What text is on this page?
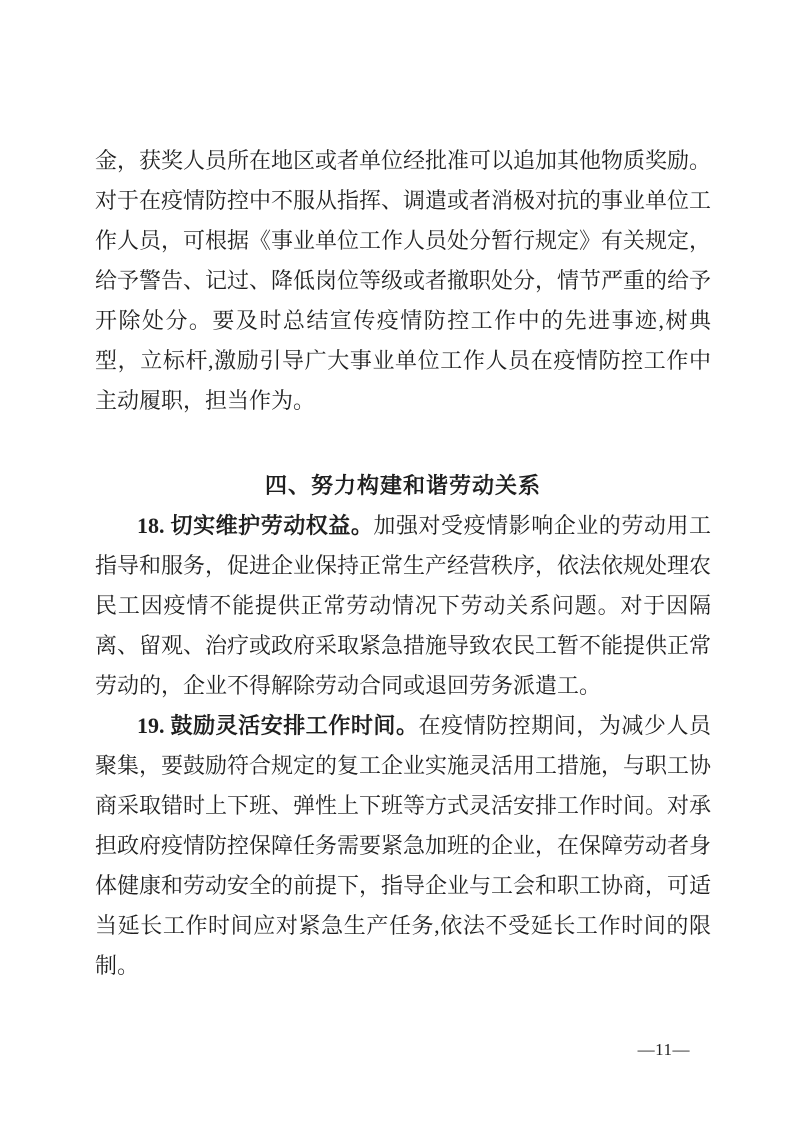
金，获奖人员所在地区或者单位经批准可以追加其他物质奖励。对于在疫情防控中不服从指挥、调遣或者消极对抗的事业单位工作人员，可根据《事业单位工作人员处分暂行规定》有关规定，给予警告、记过、降低岗位等级或者撤职处分，情节严重的给予开除处分。要及时总结宣传疫情防控工作中的先进事迹,树典型，立标杆,激励引导广大事业单位工作人员在疫情防控工作中主动履职，担当作为。

四、努力构建和谐劳动关系

18. 切实维护劳动权益。加强对受疫情影响企业的劳动用工指导和服务，促进企业保持正常生产经营秩序，依法依规处理农民工因疫情不能提供正常劳动情况下劳动关系问题。对于因隔离、留观、治疗或政府采取紧急措施导致农民工暂不能提供正常劳动的，企业不得解除劳动合同或退回劳务派遣工。

19. 鼓励灵活安排工作时间。在疫情防控期间，为减少人员聚集，要鼓励符合规定的复工企业实施灵活用工措施，与职工协商采取错时上下班、弹性上下班等方式灵活安排工作时间。对承担政府疫情防控保障任务需要紧急加班的企业，在保障劳动者身体健康和劳动安全的前提下，指导企业与工会和职工协商，可适当延长工作时间应对紧急生产任务,依法不受延长工作时间的限制。

—11—
